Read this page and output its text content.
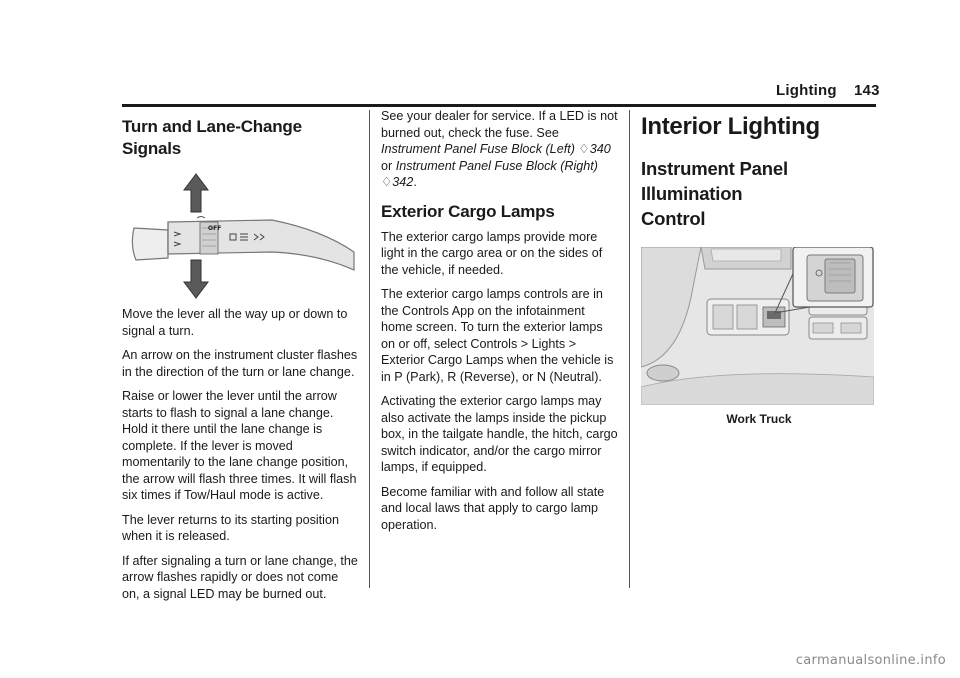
Lighting 143
Turn and Lane-Change Signals
OFF

Move the lever all the way up or down to signal a turn.

An arrow on the instrument cluster flashes in the direction of the turn or lane change.

Raise or lower the lever until the arrow starts to flash to signal a lane change. Hold it there until the lane change is complete. If the lever is moved momentarily to the lane change position, the arrow will flash three times. It will flash six times if Tow/Haul mode is active.

The lever returns to its starting position when it is released.

If after signaling a turn or lane change, the arrow flashes rapidly or does not come on, a signal LED may be burned out.

See your dealer for service. If a LED is not burned out, check the fuse. See Instrument Panel Fuse Block (Left) ♢340 or Instrument Panel Fuse Block (Right) ♢342.

Exterior Cargo Lamps

The exterior cargo lamps provide more light in the cargo area or on the sides of the vehicle, if needed.

The exterior cargo lamps controls are in the Controls App on the infotainment home screen. To turn the exterior lamps on or off, select Controls > Lights > Exterior Cargo Lamps when the vehicle is in P (Park), R (Reverse), or N (Neutral).

Activating the exterior cargo lamps may also activate the lamps inside the pickup box, in the tailgate handle, the hitch, cargo switch indicator, and/or the cargo mirror lamps, if equipped.

Become familiar with and follow all state and local laws that apply to cargo lamp operation.

Interior Lighting
Instrument Panel Illumination
Control
Work Truck
carmanualsonline.info
